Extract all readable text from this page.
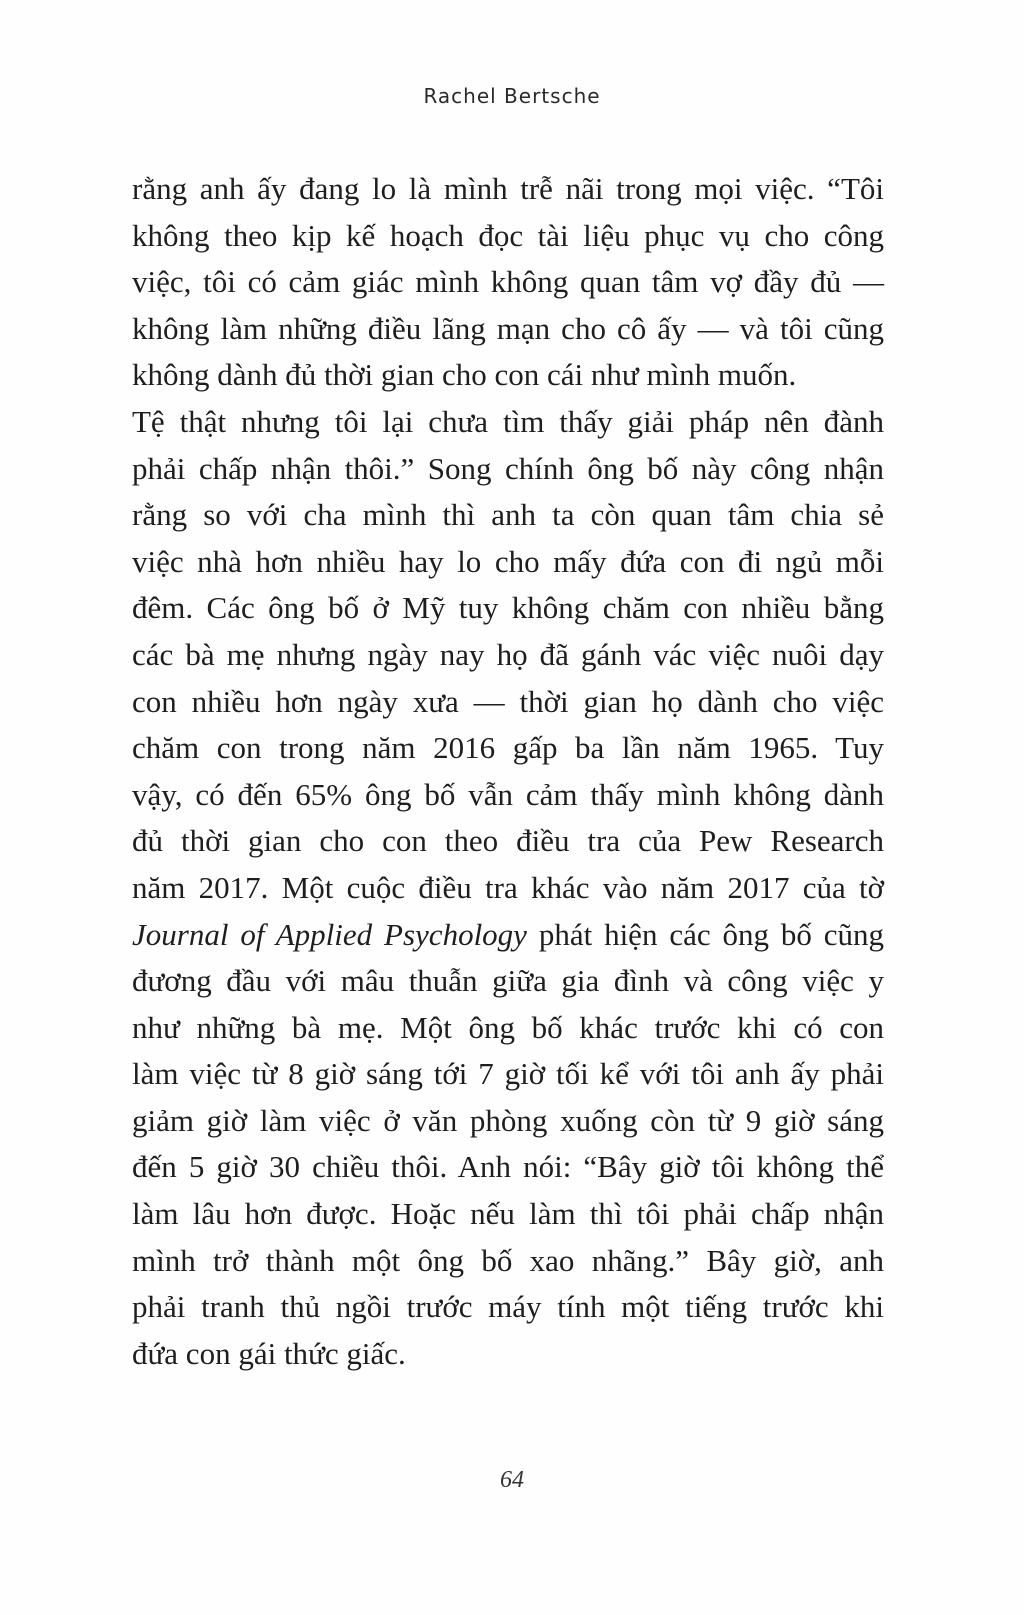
Rachel Bertsche
rằng anh ấy đang lo là mình trễ nãi trong mọi việc. “Tôi
không theo kịp kế hoạch đọc tài liệu phục vụ cho công
việc, tôi có cảm giác mình không quan tâm vợ đầy đủ —
không làm những điều lãng mạn cho cô ấy — và tôi cũng
không dành đủ thời gian cho con cái như mình muốn.
Tệ thật nhưng tôi lại chưa tìm thấy giải pháp nên đành
phải chấp nhận thôi.” Song chính ông bố này công nhận
rằng so với cha mình thì anh ta còn quan tâm chia sẻ
việc nhà hơn nhiều hay lo cho mấy đứa con đi ngủ mỗi
đêm. Các ông bố ở Mỹ tuy không chăm con nhiều bằng
các bà mẹ nhưng ngày nay họ đã gánh vác việc nuôi dạy
con nhiều hơn ngày xưa — thời gian họ dành cho việc
chăm con trong năm 2016 gấp ba lần năm 1965. Tuy
vậy, có đến 65% ông bố vẫn cảm thấy mình không dành
đủ thời gian cho con theo điều tra của Pew Research
năm 2017. Một cuộc điều tra khác vào năm 2017 của tờ
Journal of Applied Psychology phát hiện các ông bố cũng
đương đầu với mâu thuẫn giữa gia đình và công việc y
như những bà mẹ. Một ông bố khác trước khi có con
làm việc từ 8 giờ sáng tới 7 giờ tối kể với tôi anh ấy phải
giảm giờ làm việc ở văn phòng xuống còn từ 9 giờ sáng
đến 5 giờ 30 chiều thôi. Anh nói: “Bây giờ tôi không thể
làm lâu hơn được. Hoặc nếu làm thì tôi phải chấp nhận
mình trở thành một ông bố xao nhãng.” Bây giờ, anh
phải tranh thủ ngồi trước máy tính một tiếng trước khi
đứa con gái thức giấc.
64
